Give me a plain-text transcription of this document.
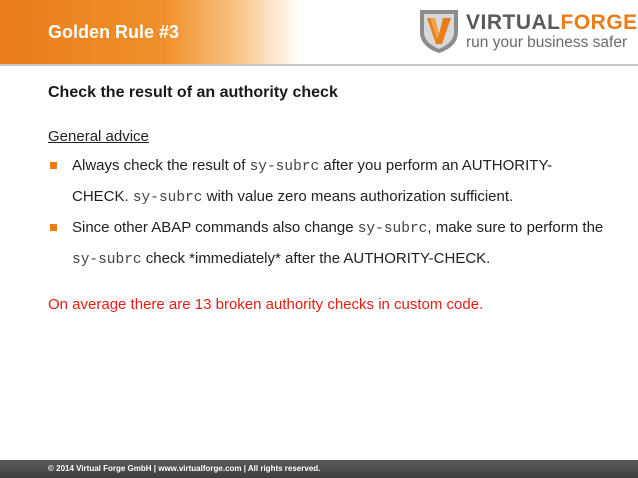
Golden Rule #3	VIRTUALFORGE
run your business safer
Check the result of an authority check

General advice

Always check the result of sy-subrc after you perform an AUTHORITY-CHECK. sy-subrc with value zero means authorization sufficient.
Since other ABAP commands also change sy-subrc, make sure to perform the sy-subrc check *immediately* after the AUTHORITY-CHECK.

On average there are 13 broken authority checks in custom code.

© 2014 Virtual Forge GmbH | www.virtualforge.com | All rights reserved.
